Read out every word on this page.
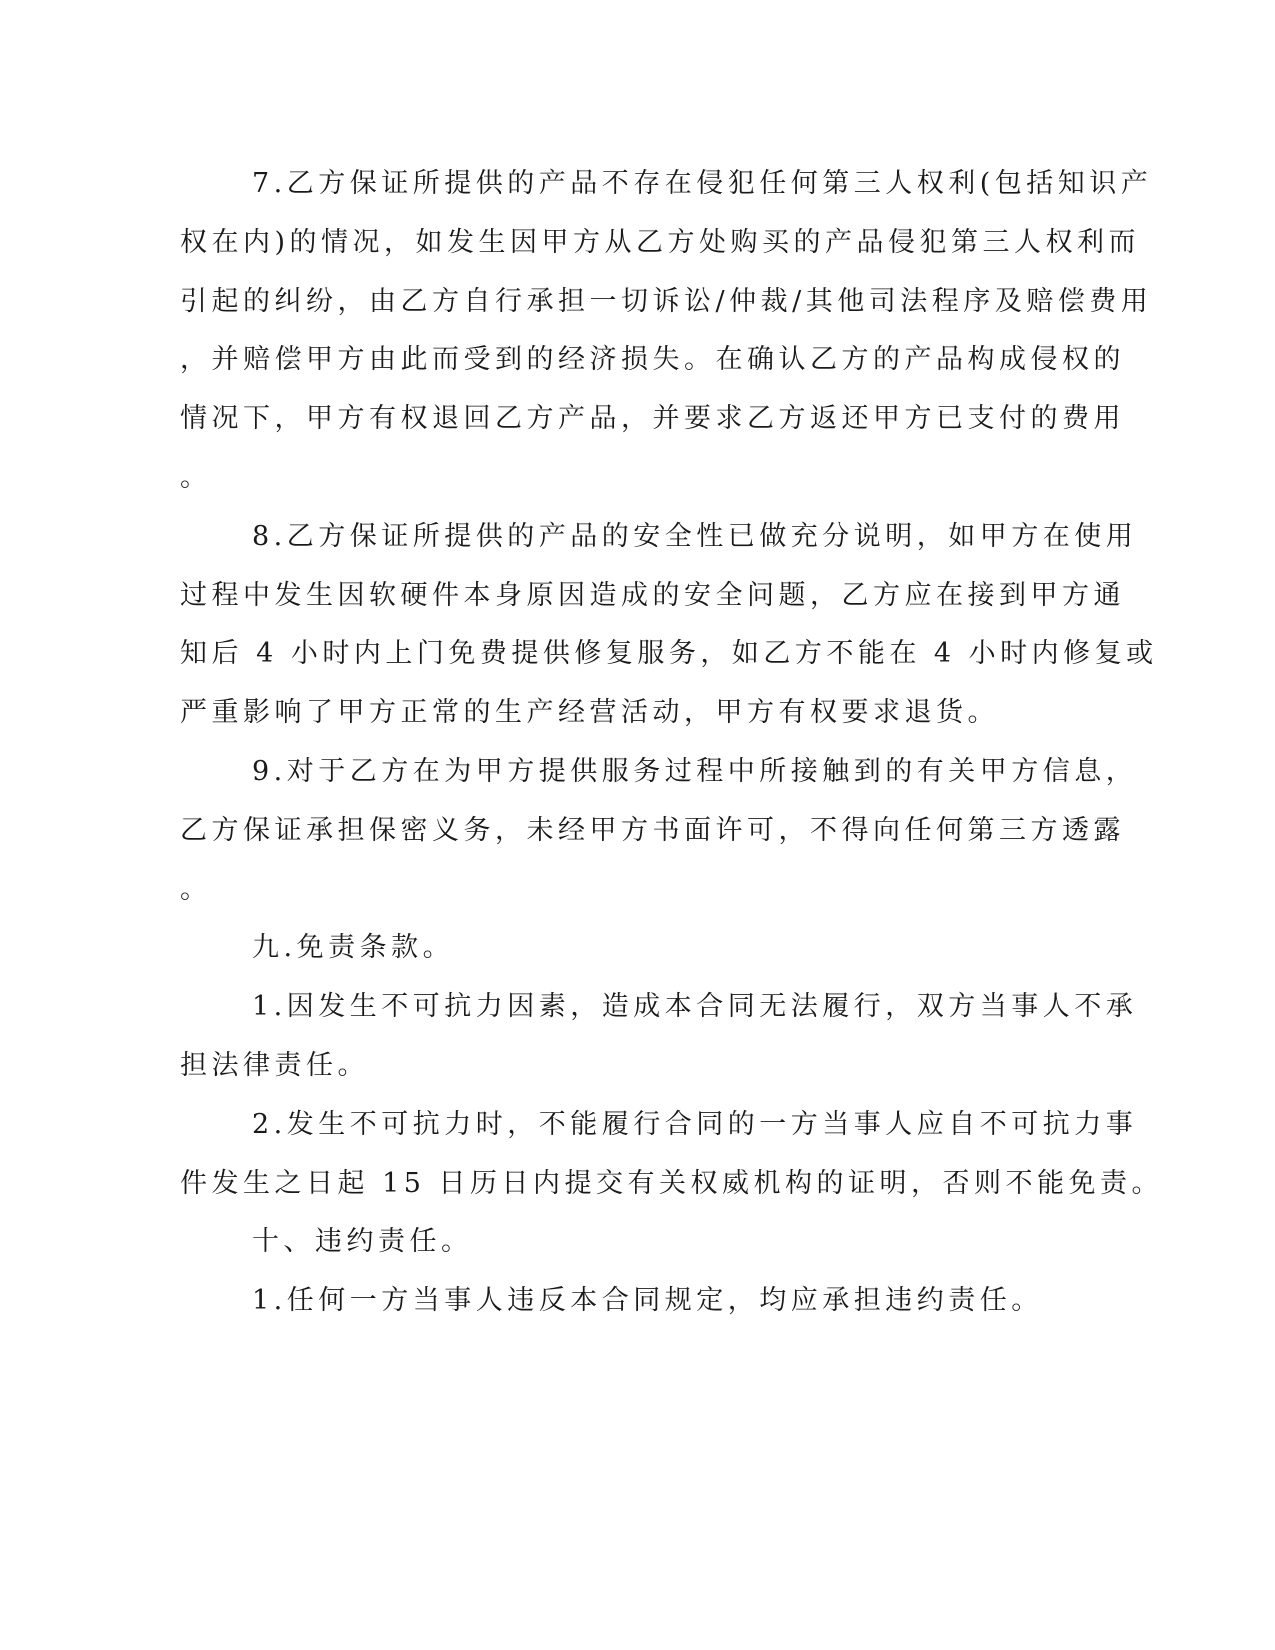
7.乙方保证所提供的产品不存在侵犯任何第三人权利(包括知识产
权在内)的情况，如发生因甲方从乙方处购买的产品侵犯第三人权利而
引起的纠纷，由乙方自行承担一切诉讼/仲裁/其他司法程序及赔偿费用
，并赔偿甲方由此而受到的经济损失。在确认乙方的产品构成侵权的
情况下，甲方有权退回乙方产品，并要求乙方返还甲方已支付的费用
。
8.乙方保证所提供的产品的安全性已做充分说明，如甲方在使用
过程中发生因软硬件本身原因造成的安全问题，乙方应在接到甲方通
知后 4 小时内上门免费提供修复服务，如乙方不能在 4 小时内修复或
严重影响了甲方正常的生产经营活动，甲方有权要求退货。
9.对于乙方在为甲方提供服务过程中所接触到的有关甲方信息，
乙方保证承担保密义务，未经甲方书面许可，不得向任何第三方透露
。
九.免责条款。
1.因发生不可抗力因素，造成本合同无法履行，双方当事人不承
担法律责任。
2.发生不可抗力时，不能履行合同的一方当事人应自不可抗力事
件发生之日起 15 日历日内提交有关权威机构的证明，否则不能免责。
十、违约责任。
1.任何一方当事人违反本合同规定，均应承担违约责任。
